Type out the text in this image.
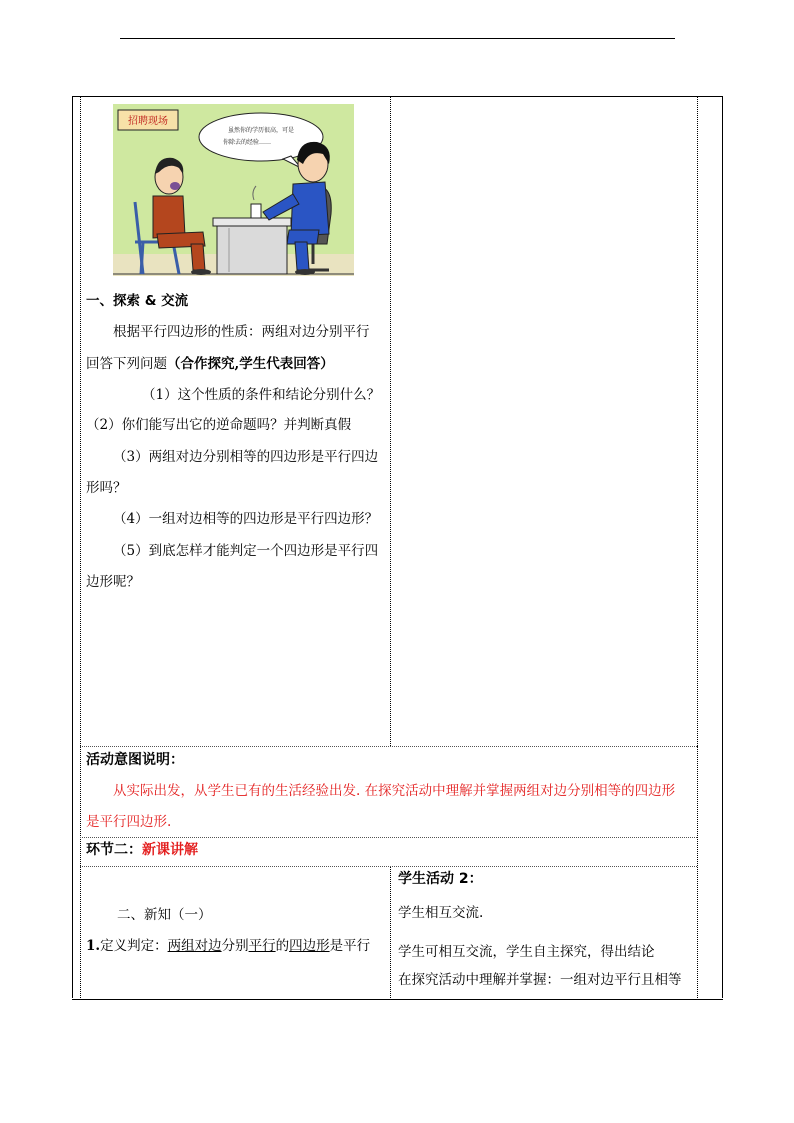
招聘现场
虽然你的学历很高，可是
你除去的经验……
一、探索 & 交流
根据平行四边形的性质：两组对边分别平行
回答下列问题（合作探究,学生代表回答）
（1）这个性质的条件和结论分别什么？
（2）你们能写出它的逆命题吗？并判断真假
（3）两组对边分别相等的四边形是平行四边
形吗？
（4）一组对边相等的四边形是平行四边形？
（5）到底怎样才能判定一个四边形是平行四
边形呢？
活动意图说明：
从实际出发，从学生已有的生活经验出发. 在探究活动中理解并掌握两组对边分别相等的四边形
是平行四边形.
环节二：新课讲解
二、新知（一）
1.定义判定：两组对边分别平行的四边形是平行
学生活动 2：
学生相互交流.
学生可相互交流，学生自主探究，得出结论
在探究活动中理解并掌握：一组对边平行且相等
